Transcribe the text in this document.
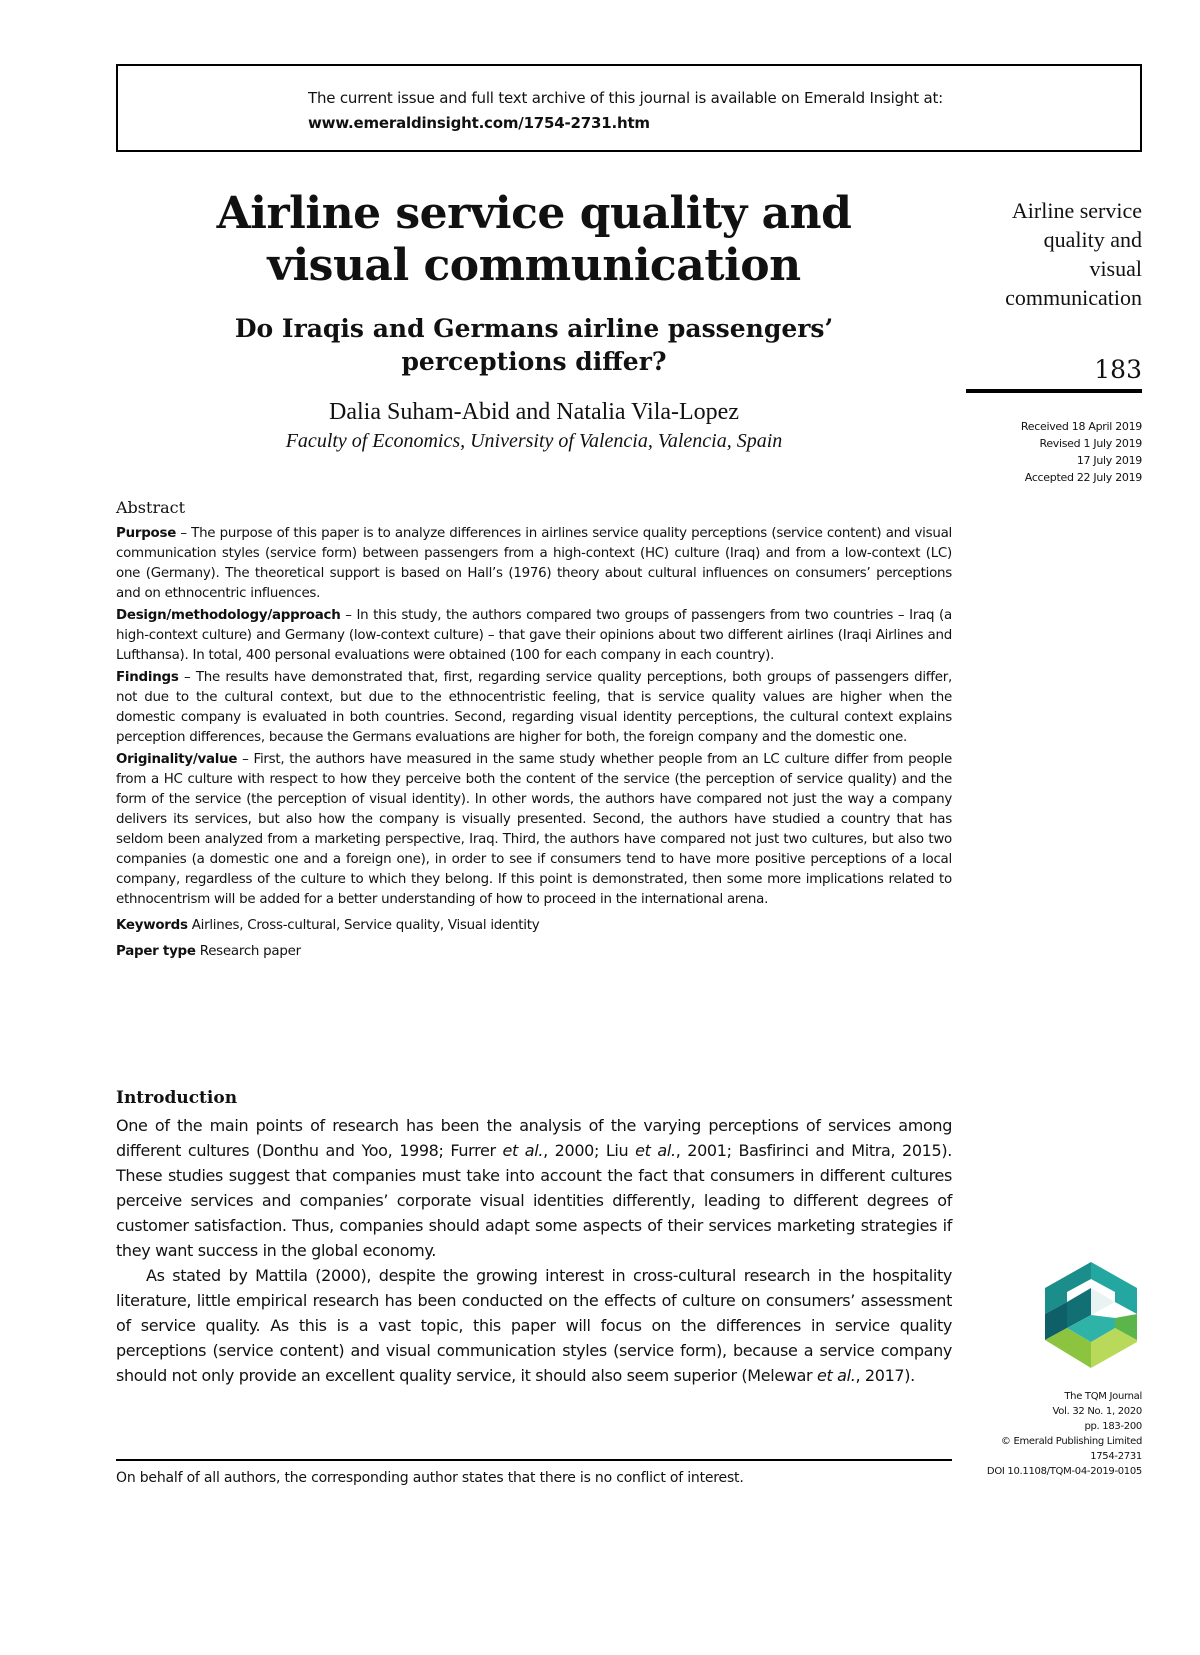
The current issue and full text archive of this journal is available on Emerald Insight at:
www.emeraldinsight.com/1754-2731.htm
Airline service quality and
visual communication
Do Iraqis and Germans airline passengers’
perceptions differ?
Dalia Suham-Abid and Natalia Vila-Lopez
Faculty of Economics, University of Valencia, Valencia, Spain
Airline service
quality and
visual
communication
183
Received 18 April 2019
Revised 1 July 2019
17 July 2019
Accepted 22 July 2019
Abstract

Purpose – The purpose of this paper is to analyze differences in airlines service quality perceptions (service content) and visual communication styles (service form) between passengers from a high-context (HC) culture (Iraq) and from a low-context (LC) one (Germany). The theoretical support is based on Hall’s (1976) theory about cultural influences on consumers’ perceptions and on ethnocentric influences.

Design/methodology/approach – In this study, the authors compared two groups of passengers from two countries – Iraq (a high-context culture) and Germany (low-context culture) – that gave their opinions about two different airlines (Iraqi Airlines and Lufthansa). In total, 400 personal evaluations were obtained (100 for each company in each country).

Findings – The results have demonstrated that, first, regarding service quality perceptions, both groups of passengers differ, not due to the cultural context, but due to the ethnocentristic feeling, that is service quality values are higher when the domestic company is evaluated in both countries. Second, regarding visual identity perceptions, the cultural context explains perception differences, because the Germans evaluations are higher for both, the foreign company and the domestic one.

Originality/value – First, the authors have measured in the same study whether people from an LC culture differ from people from a HC culture with respect to how they perceive both the content of the service (the perception of service quality) and the form of the service (the perception of visual identity). In other words, the authors have compared not just the way a company delivers its services, but also how the company is visually presented. Second, the authors have studied a country that has seldom been analyzed from a marketing perspective, Iraq. Third, the authors have compared not just two cultures, but also two companies (a domestic one and a foreign one), in order to see if consumers tend to have more positive perceptions of a local company, regardless of the culture to which they belong. If this point is demonstrated, then some more implications related to ethnocentrism will be added for a better understanding of how to proceed in the international arena.

Keywords Airlines, Cross-cultural, Service quality, Visual identity

Paper type Research paper

Introduction

One of the main points of research has been the analysis of the varying perceptions of services among different cultures (Donthu and Yoo, 1998; Furrer et al., 2000; Liu et al., 2001; Basfirinci and Mitra, 2015). These studies suggest that companies must take into account the fact that consumers in different cultures perceive services and companies’ corporate visual identities differently, leading to different degrees of customer satisfaction. Thus, companies should adapt some aspects of their services marketing strategies if they want success in the global economy.

As stated by Mattila (2000), despite the growing interest in cross-cultural research in the hospitality literature, little empirical research has been conducted on the effects of culture on consumers’ assessment of service quality. As this is a vast topic, this paper will focus on the differences in service quality perceptions (service content) and visual communication styles (service form), because a service company should not only provide an excellent quality service, it should also seem superior (Melewar et al., 2017).

On behalf of all authors, the corresponding author states that there is no conflict of interest.
The TQM Journal
Vol. 32 No. 1, 2020
pp. 183-200
© Emerald Publishing Limited
1754-2731
DOI 10.1108/TQM-04-2019-0105
